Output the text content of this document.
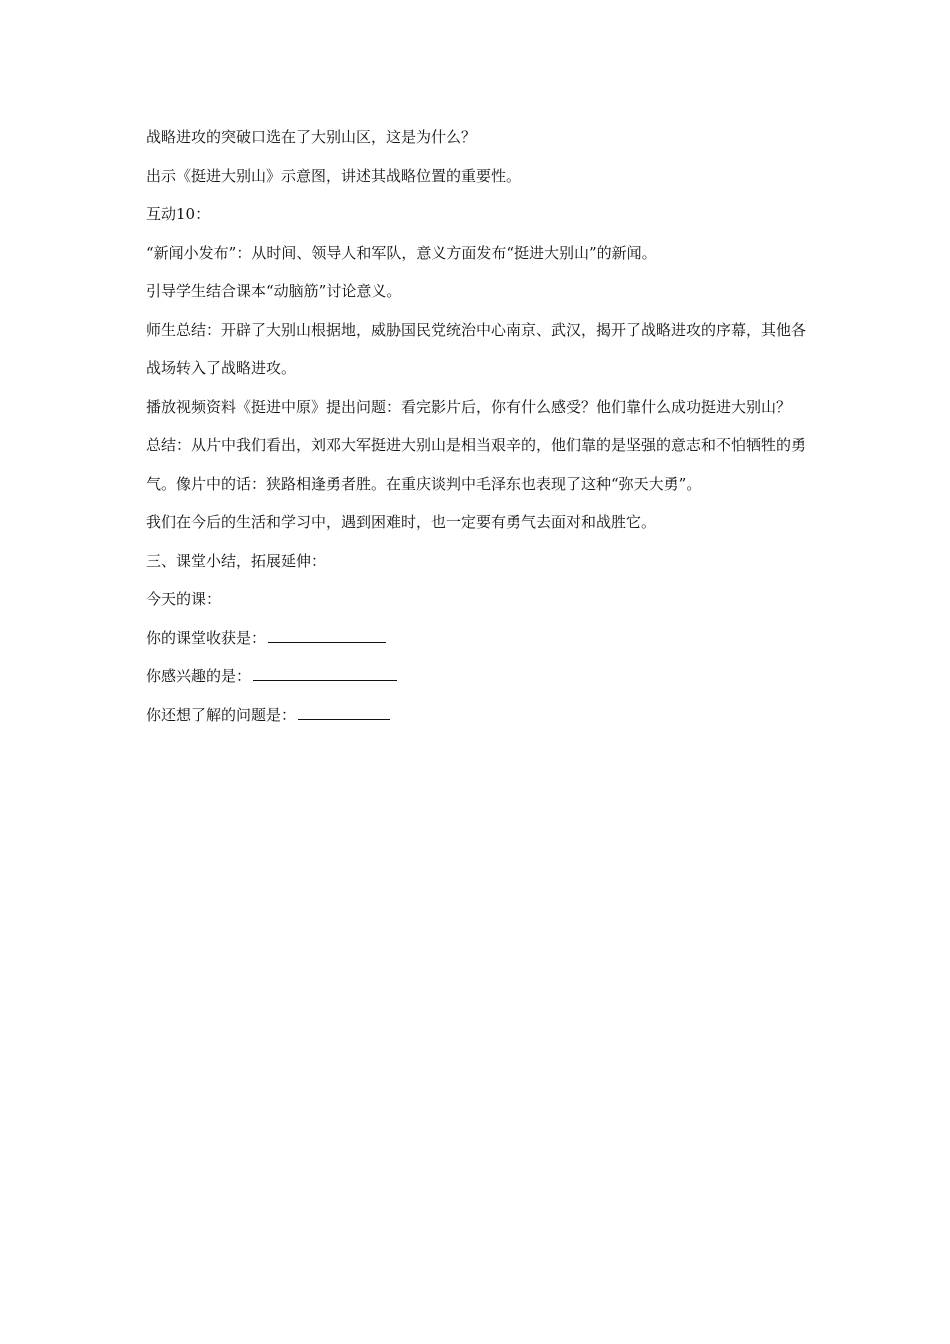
战略进攻的突破口选在了大别山区，这是为什么？

出示《挺进大别山》示意图，讲述其战略位置的重要性。

互动10：

“新闻小发布”：从时间、领导人和军队，意义方面发布“挺进大别山”的新闻。

引导学生结合课本“动脑筋”讨论意义。

师生总结：开辟了大别山根据地，威胁国民党统治中心南京、武汉，揭开了战略进攻的序幕，其他各战场转入了战略进攻。

播放视频资料《挺进中原》提出问题：看完影片后，你有什么感受？他们靠什么成功挺进大别山？

总结：从片中我们看出，刘邓大军挺进大别山是相当艰辛的，他们靠的是坚强的意志和不怕牺牲的勇气。像片中的话：狭路相逢勇者胜。在重庆谈判中毛泽东也表现了这种“弥天大勇”。

我们在今后的生活和学习中，遇到困难时，也一定要有勇气去面对和战胜它。

三、课堂小结，拓展延伸：

今天的课：

你的课堂收获是：

你感兴趣的是：

你还想了解的问题是：
